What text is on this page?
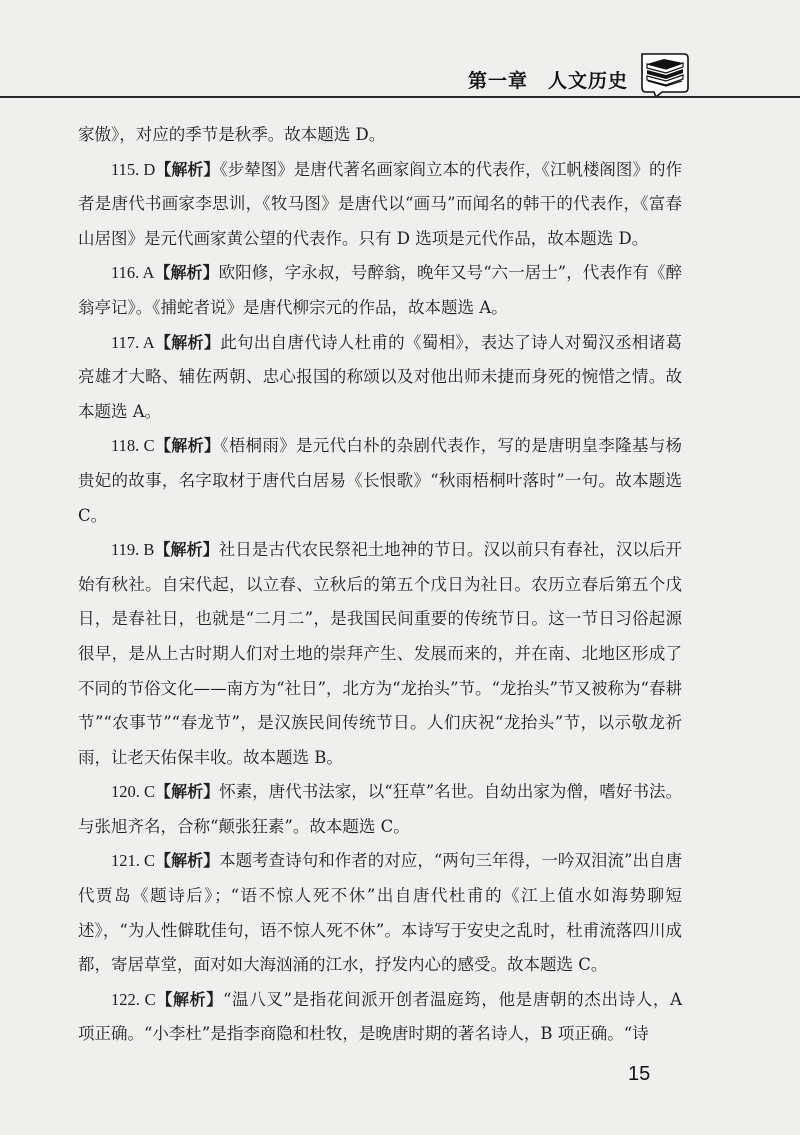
第一章　人文历史

家傲》，对应的季节是秋季。故本题选 D。

115. D【解析】《步辇图》是唐代著名画家阎立本的代表作，《江帆楼阁图》的作者是唐代书画家李思训，《牧马图》是唐代以“画马”而闻名的韩干的代表作，《富春山居图》是元代画家黄公望的代表作。只有 D 选项是元代作品，故本题选 D。

116. A【解析】欧阳修，字永叔，号醉翁，晚年又号“六一居士”，代表作有《醉翁亭记》。《捕蛇者说》是唐代柳宗元的作品，故本题选 A。

117. A【解析】此句出自唐代诗人杜甫的《蜀相》，表达了诗人对蜀汉丞相诸葛亮雄才大略、辅佐两朝、忠心报国的称颂以及对他出师未捷而身死的惋惜之情。故本题选 A。

118. C【解析】《梧桐雨》是元代白朴的杂剧代表作，写的是唐明皇李隆基与杨贵妃的故事，名字取材于唐代白居易《长恨歌》“秋雨梧桐叶落时”一句。故本题选 C。

119. B【解析】社日是古代农民祭祀土地神的节日。汉以前只有春社，汉以后开始有秋社。自宋代起，以立春、立秋后的第五个戊日为社日。农历立春后第五个戊日，是春社日，也就是“二月二”，是我国民间重要的传统节日。这一节日习俗起源很早，是从上古时期人们对土地的崇拜产生、发展而来的，并在南、北地区形成了不同的节俗文化——南方为“社日”，北方为“龙抬头”节。“龙抬头”节又被称为“春耕节”“农事节”“春龙节”，是汉族民间传统节日。人们庆祝“龙抬头”节，以示敬龙祈雨，让老天佑保丰收。故本题选 B。

120. C【解析】怀素，唐代书法家，以“狂草”名世。自幼出家为僧，嗜好书法。与张旭齐名，合称“颠张狂素”。故本题选 C。

121. C【解析】本题考查诗句和作者的对应，“两句三年得，一吟双泪流”出自唐代贾岛《题诗后》；“语不惊人死不休”出自唐代杜甫的《江上值水如海势聊短述》，“为人性僻耽佳句，语不惊人死不休”。本诗写于安史之乱时，杜甫流落四川成都，寄居草堂，面对如大海汹涌的江水，抒发内心的感受。故本题选 C。

122. C【解析】“温八叉”是指花间派开创者温庭筠，他是唐朝的杰出诗人，A 项正确。“小李杜”是指李商隐和杜牧，是晚唐时期的著名诗人，B 项正确。“诗

15
